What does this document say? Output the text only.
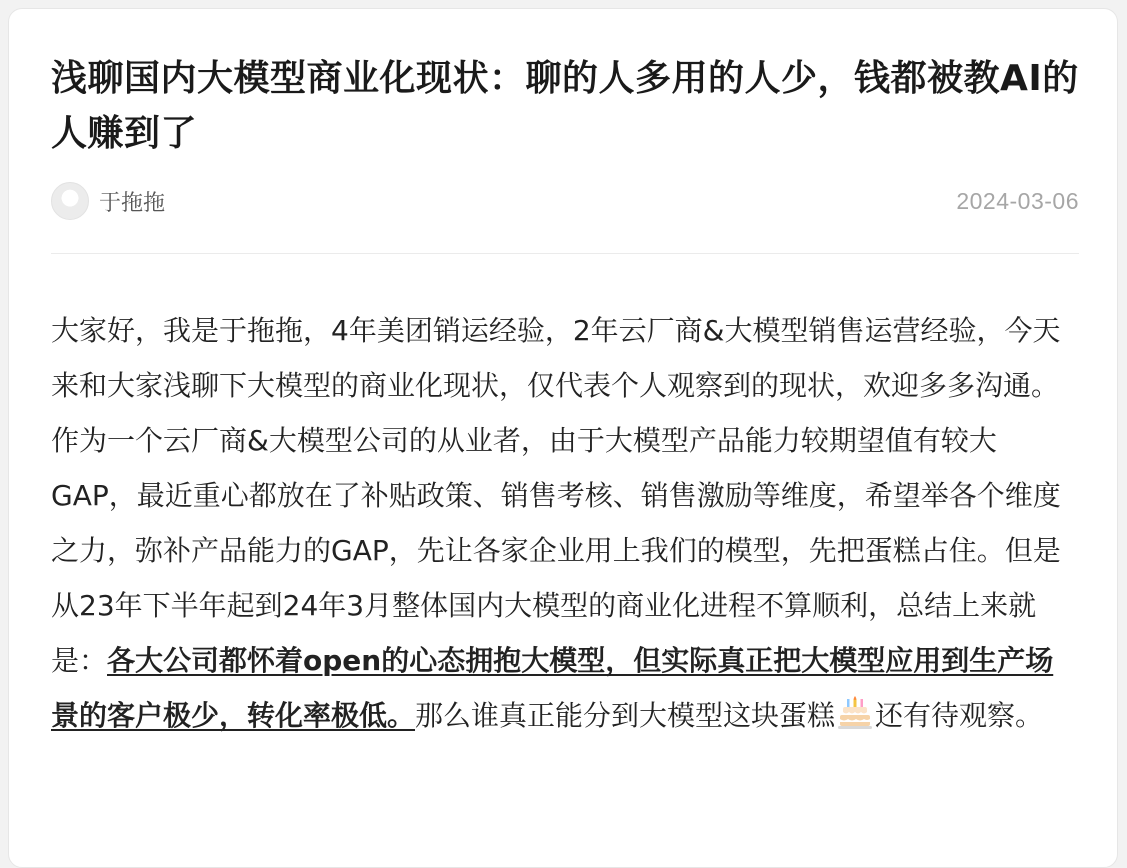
浅聊国内大模型商业化现状：聊的人多用的人少，钱都被教AI的人赚到了
于拖拖	2024-03-06

大家好，我是于拖拖，4年美团销运经验，2年云厂商&大模型销售运营经验，今天来和大家浅聊下大模型的商业化现状，仅代表个人观察到的现状，欢迎多多沟通。

作为一个云厂商&大模型公司的从业者，由于大模型产品能力较期望值有较大GAP，最近重心都放在了补贴政策、销售考核、销售激励等维度，希望举各个维度之力，弥补产品能力的GAP，先让各家企业用上我们的模型，先把蛋糕占住。但是从23年下半年起到24年3月整体国内大模型的商业化进程不算顺利，总结上来就是：各大公司都怀着open的心态拥抱大模型，但实际真正把大模型应用到生产场景的客户极少，转化率极低。那么谁真正能分到大模型这块蛋糕 还有待观察。
